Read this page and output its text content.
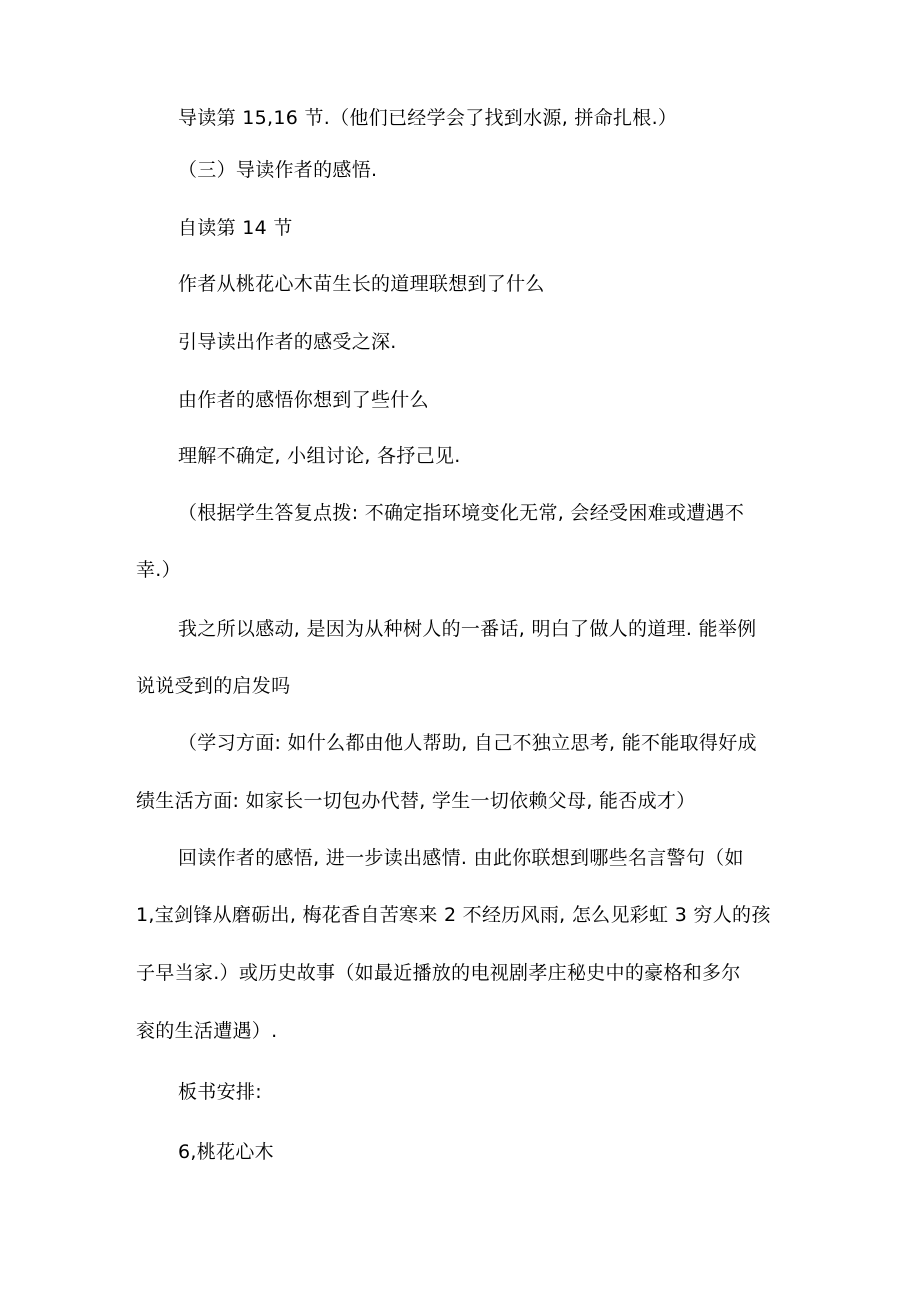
导读第 15,16 节.（他们已经学会了找到水源, 拼命扎根.）
（三）导读作者的感悟.
自读第 14 节
作者从桃花心木苗生长的道理联想到了什么
引导读出作者的感受之深.
由作者的感悟你想到了些什么
理解不确定, 小组讨论, 各抒己见.
（根据学生答复点拨: 不确定指环境变化无常, 会经受困难或遭遇不
幸.）
我之所以感动, 是因为从种树人的一番话, 明白了做人的道理. 能举例
说说受到的启发吗
（学习方面: 如什么都由他人帮助, 自己不独立思考, 能不能取得好成
绩生活方面: 如家长一切包办代替, 学生一切依赖父母, 能否成才）
回读作者的感悟, 进一步读出感情. 由此你联想到哪些名言警句（如
1,宝剑锋从磨砺出, 梅花香自苦寒来 2 不经历风雨, 怎么见彩虹 3 穷人的孩
子早当家.）或历史故事（如最近播放的电视剧孝庄秘史中的豪格和多尔
衮的生活遭遇）.
板书安排:
6,桃花心木
